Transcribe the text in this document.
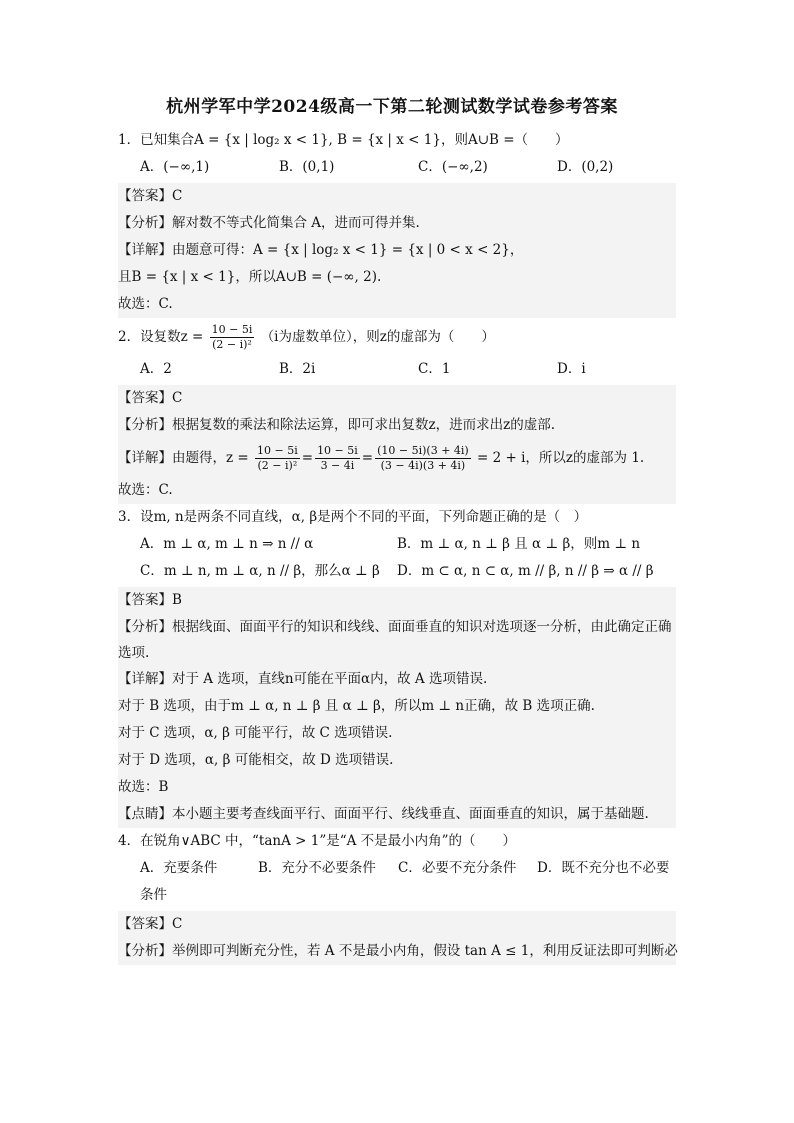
杭州学军中学2024级高一下第二轮测试数学试卷参考答案

1．已知集合A = {x | log₂ x < 1}, B = {x | x < 1}，则A∪B =（　　）

A．(−∞,1)	B．(0,1)	C．(−∞,2)	D．(0,2)

【答案】C

【分析】解对数不等式化简集合 A，进而可得并集.

【详解】由题意可得：A = {x | log₂ x < 1} = {x | 0 < x < 2}，

且B = {x | x < 1}，所以A∪B = (−∞, 2).

故选：C.

2．设复数$z = \frac{10 - 5i}{\text{(2 − i)²}} (i$为虚数单位），则z的虚部为（　　）

A．2	B．2i	C．1	D．i

【答案】C

【分析】根据复数的乘法和除法运算，即可求出复数z，进而求出z的虚部.

【详解】由题得，$z = \frac{10 - 5i}{\text{(2 − i)²}} = \frac{10 - 5i}{3 - 4i} = \frac{(10 - 5i)(3 + 4i)}{(3 - 4i)(3 + 4i)} = 2 + i$，所以z的虚部为 1.

故选：C.

3．设m, n是两条不同直线，α, β是两个不同的平面，下列命题正确的是（　）

A．m ⊥ α, m ⊥ n ⇒ n // α	B．m ⊥ α, n ⊥ β 且 α ⊥ β，则m ⊥ n
C．m ⊥ n, m ⊥ α, n // β，那么α ⊥ β	D．m ⊂ α, n ⊂ α, m // β, n // β ⇒ α // β

【答案】B

【分析】根据线面、面面平行的知识和线线、面面垂直的知识对选项逐一分析，由此确定正确选项.

【详解】对于 A 选项，直线n可能在平面α内，故 A 选项错误.

对于 B 选项，由于m ⊥ α, n ⊥ β 且 α ⊥ β，所以m ⊥ n正确，故 B 选项正确.

对于 C 选项，α, β 可能平行，故 C 选项错误.

对于 D 选项，α, β 可能相交，故 D 选项错误.

故选：B

【点睛】本小题主要考查线面平行、面面平行、线线垂直、面面垂直的知识，属于基础题.

4．在锐角∨ABC 中，“tanA > 1”是“A 不是最小内角”的（　　）

A．充要条件	B．充分不必要条件	C．必要不充分条件	D．既不充分也不必要
条件

【答案】C

【分析】举例即可判断充分性，若 A 不是最小内角，假设 tan A ≤ 1，利用反证法即可判断必
